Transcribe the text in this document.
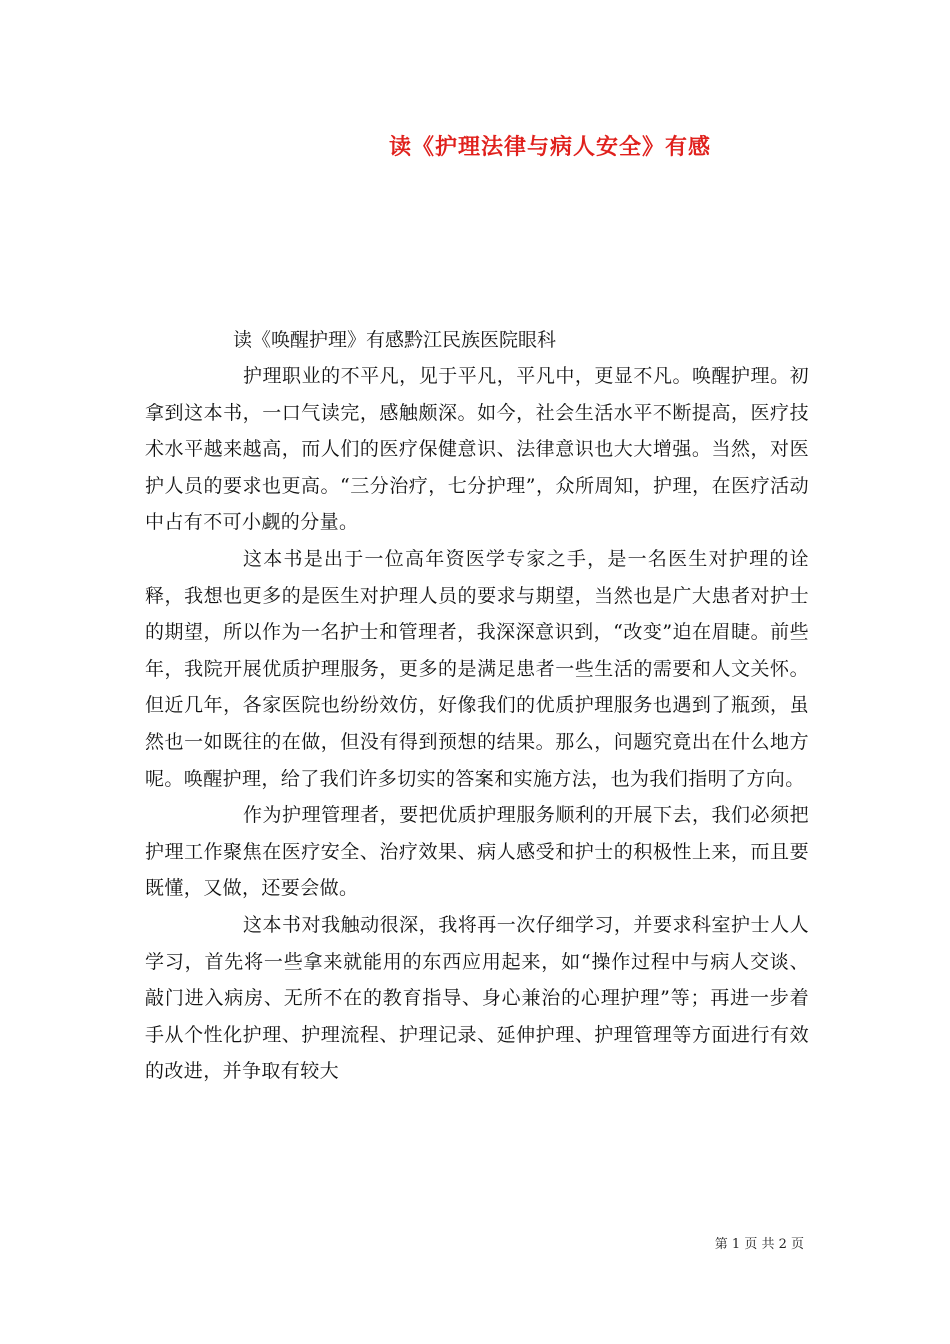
读《护理法律与病人安全》有感

读《唤醒护理》有感黔江民族医院眼科

护理职业的不平凡，见于平凡，平凡中，更显不凡。唤醒护理。初拿到这本书，一口气读完，感触颇深。如今，社会生活水平不断提高，医疗技术水平越来越高，而人们的医疗保健意识、法律意识也大大增强。当然，对医护人员的要求也更高。“三分治疗，七分护理”，众所周知，护理，在医疗活动中占有不可小觑的分量。

这本书是出于一位高年资医学专家之手，是一名医生对护理的诠释，我想也更多的是医生对护理人员的要求与期望，当然也是广大患者对护士的期望，所以作为一名护士和管理者，我深深意识到，“改变”迫在眉睫。前些年，我院开展优质护理服务，更多的是满足患者一些生活的需要和人文关怀。但近几年，各家医院也纷纷效仿，好像我们的优质护理服务也遇到了瓶颈，虽然也一如既往的在做，但没有得到预想的结果。那么，问题究竟出在什么地方呢。唤醒护理，给了我们许多切实的答案和实施方法，也为我们指明了方向。

作为护理管理者，要把优质护理服务顺利的开展下去，我们必须把护理工作聚焦在医疗安全、治疗效果、病人感受和护士的积极性上来，而且要既懂，又做，还要会做。

这本书对我触动很深，我将再一次仔细学习，并要求科室护士人人学习，首先将一些拿来就能用的东西应用起来，如“操作过程中与病人交谈、敲门进入病房、无所不在的教育指导、身心兼治的心理护理”等；再进一步着手从个性化护理、护理流程、护理记录、延伸护理、护理管理等方面进行有效的改进，并争取有较大

第 1 页 共 2 页
